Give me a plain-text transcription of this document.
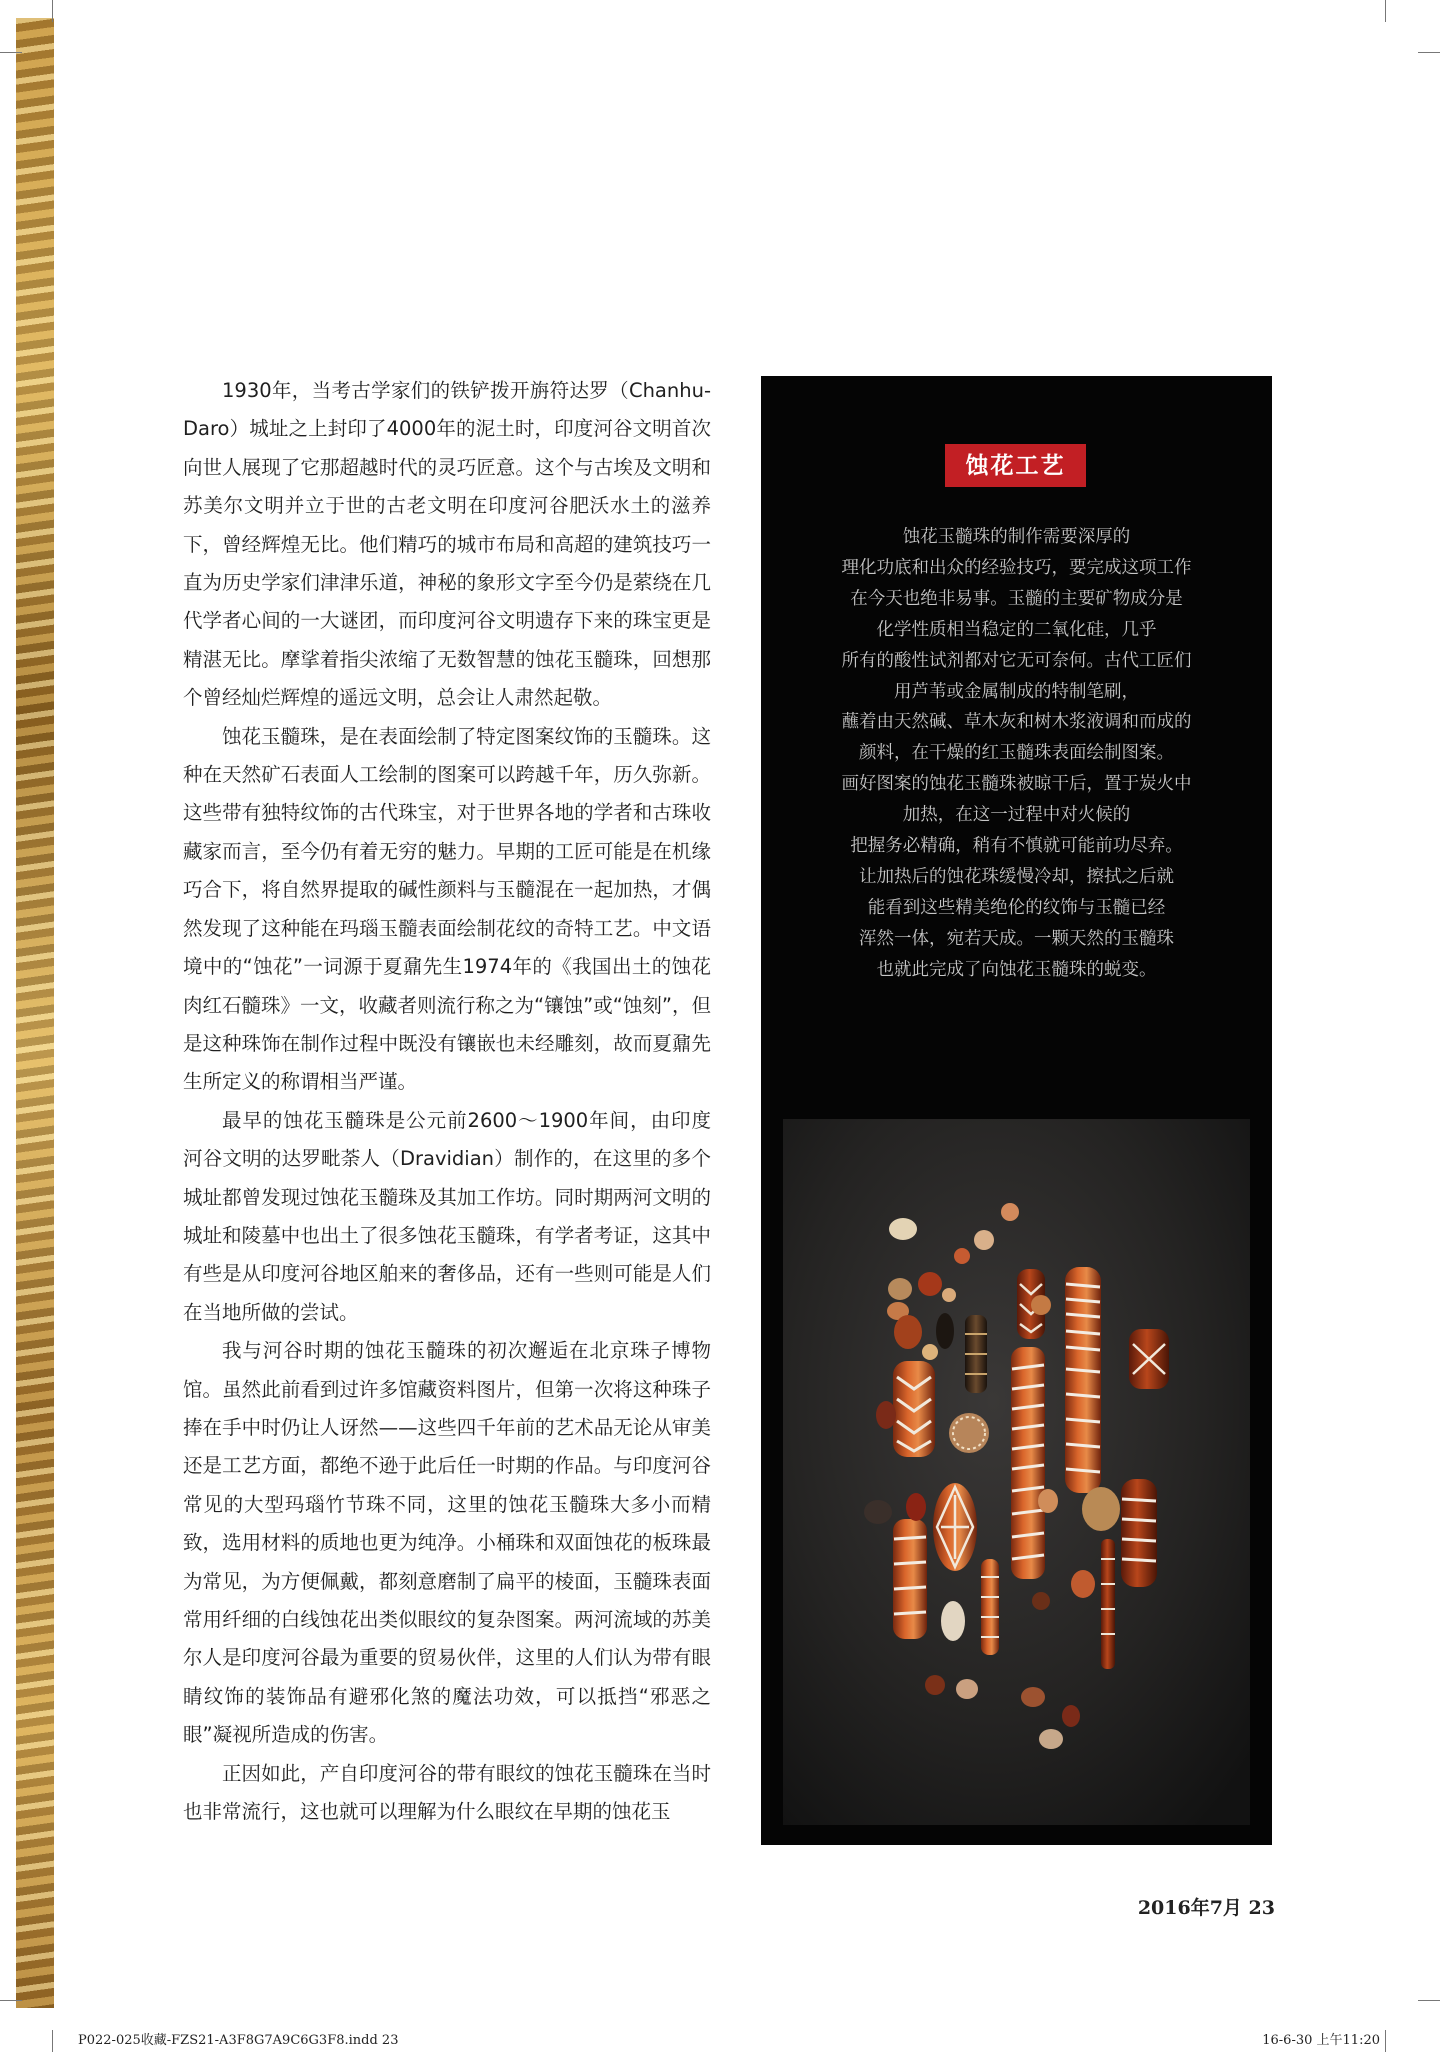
1930年，当考古学家们的铁铲拨开旃符达罗（Chanhu-Daro）城址之上封印了4000年的泥土时，印度河谷文明首次向世人展现了它那超越时代的灵巧匠意。这个与古埃及文明和苏美尔文明并立于世的古老文明在印度河谷肥沃水土的滋养下，曾经辉煌无比。他们精巧的城市布局和高超的建筑技巧一直为历史学家们津津乐道，神秘的象形文字至今仍是萦绕在几代学者心间的一大谜团，而印度河谷文明遗存下来的珠宝更是精湛无比。摩挲着指尖浓缩了无数智慧的蚀花玉髓珠，回想那个曾经灿烂辉煌的遥远文明，总会让人肃然起敬。

蚀花玉髓珠，是在表面绘制了特定图案纹饰的玉髓珠。这种在天然矿石表面人工绘制的图案可以跨越千年，历久弥新。这些带有独特纹饰的古代珠宝，对于世界各地的学者和古珠收藏家而言，至今仍有着无穷的魅力。早期的工匠可能是在机缘巧合下，将自然界提取的碱性颜料与玉髓混在一起加热，才偶然发现了这种能在玛瑙玉髓表面绘制花纹的奇特工艺。中文语境中的“蚀花”一词源于夏鼐先生1974年的《我国出土的蚀花肉红石髓珠》一文，收藏者则流行称之为“镶蚀”或“蚀刻”，但是这种珠饰在制作过程中既没有镶嵌也未经雕刻，故而夏鼐先生所定义的称谓相当严谨。

最早的蚀花玉髓珠是公元前2600～1900年间，由印度河谷文明的达罗毗荼人（Dravidian）制作的，在这里的多个城址都曾发现过蚀花玉髓珠及其加工作坊。同时期两河文明的城址和陵墓中也出土了很多蚀花玉髓珠，有学者考证，这其中有些是从印度河谷地区舶来的奢侈品，还有一些则可能是人们在当地所做的尝试。

我与河谷时期的蚀花玉髓珠的初次邂逅在北京珠子博物馆。虽然此前看到过许多馆藏资料图片，但第一次将这种珠子捧在手中时仍让人讶然——这些四千年前的艺术品无论从审美还是工艺方面，都绝不逊于此后任一时期的作品。与印度河谷常见的大型玛瑙竹节珠不同，这里的蚀花玉髓珠大多小而精致，选用材料的质地也更为纯净。小桶珠和双面蚀花的板珠最为常见，为方便佩戴，都刻意磨制了扁平的棱面，玉髓珠表面常用纤细的白线蚀花出类似眼纹的复杂图案。两河流域的苏美尔人是印度河谷最为重要的贸易伙伴，这里的人们认为带有眼睛纹饰的装饰品有避邪化煞的魔法功效，可以抵挡“邪恶之眼”凝视所造成的伤害。

正因如此，产自印度河谷的带有眼纹的蚀花玉髓珠在当时也非常流行，这也就可以理解为什么眼纹在早期的蚀花玉

蚀花工艺
蚀花玉髓珠的制作需要深厚的
理化功底和出众的经验技巧，要完成这项工作
在今天也绝非易事。玉髓的主要矿物成分是
化学性质相当稳定的二氧化硅，几乎
所有的酸性试剂都对它无可奈何。古代工匠们
用芦苇或金属制成的特制笔刷，
蘸着由天然碱、草木灰和树木浆液调和而成的
颜料，在干燥的红玉髓珠表面绘制图案。
画好图案的蚀花玉髓珠被晾干后，置于炭火中
加热，在这一过程中对火候的
把握务必精确，稍有不慎就可能前功尽弃。
让加热后的蚀花珠缓慢冷却，擦拭之后就
能看到这些精美绝伦的纹饰与玉髓已经
浑然一体，宛若天成。一颗天然的玉髓珠
也就此完成了向蚀花玉髓珠的蜕变。
2016年7月 23
P022-025收藏-FZS21-A3F8G7A9C6G3F8.indd 23	16-6-30 上午11:20
